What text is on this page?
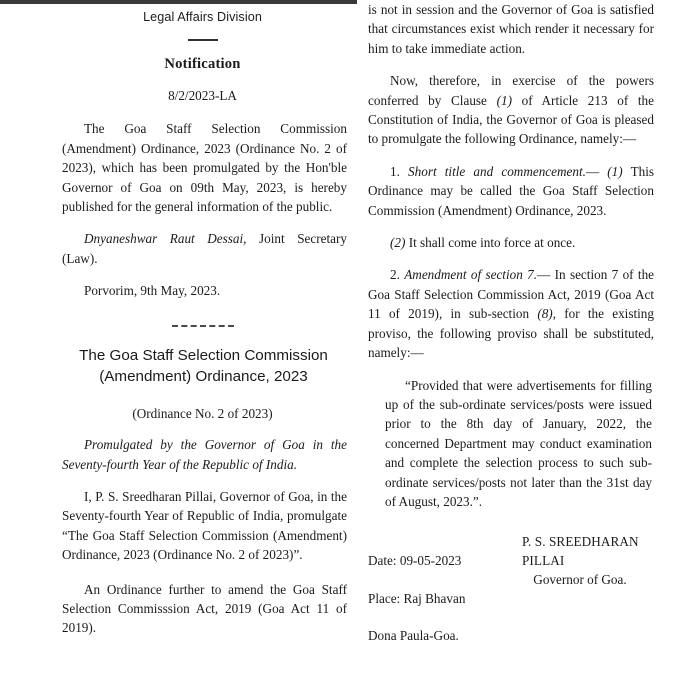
Legal Affairs Division

Notification

8/2/2023-LA

The Goa Staff Selection Commission (Amendment) Ordinance, 2023 (Ordinance No. 2 of 2023), which has been promulgated by the Hon'ble Governor of Goa on 09th May, 2023, is hereby published for the general information of the public.

Dnyaneshwar Raut Dessai, Joint Secretary (Law).

Porvorim, 9th May, 2023.

The Goa Staff Selection Commission (Amendment) Ordinance, 2023

(Ordinance No. 2 of 2023)

Promulgated by the Governor of Goa in the Seventy-fourth Year of the Republic of India.

I, P. S. Sreedharan Pillai, Governor of Goa, in the Seventy-fourth Year of Republic of India, promulgate “The Goa Staff Selection Commission (Amendment) Ordinance, 2023 (Ordinance No. 2 of 2023)”.

An Ordinance further to amend the Goa Staff Selection Commisssion Act, 2019 (Goa Act 11 of 2019).

is not in session and the Governor of Goa is satisfied that circumstances exist which render it necessary for him to take immediate action.

Now, therefore, in exercise of the powers conferred by Clause (1) of Article 213 of the Constitution of India, the Governor of Goa is pleased to promulgate the following Ordinance, namely:—

1. Short title and commencement.— (1) This Ordinance may be called the Goa Staff Selection Commission (Amendment) Ordinance, 2023.

(2) It shall come into force at once.

2. Amendment of section 7.— In section 7 of the Goa Staff Selection Commission Act, 2019 (Goa Act 11 of 2019), in sub-section (8), for the existing proviso, the following proviso shall be substituted, namely:—

“Provided that were advertisements for filling up of the sub-ordinate services/posts were issued prior to the 8th day of January, 2022, the concerned Department may conduct examination and complete the selection process to such sub-ordinate services/posts not later than the 31st day of August, 2023.”.

Date: 09-05-2023

Place: Raj Bhavan

Dona Paula-Goa.

P. S. SREEDHARAN PILLAI
Governor of Goa.
